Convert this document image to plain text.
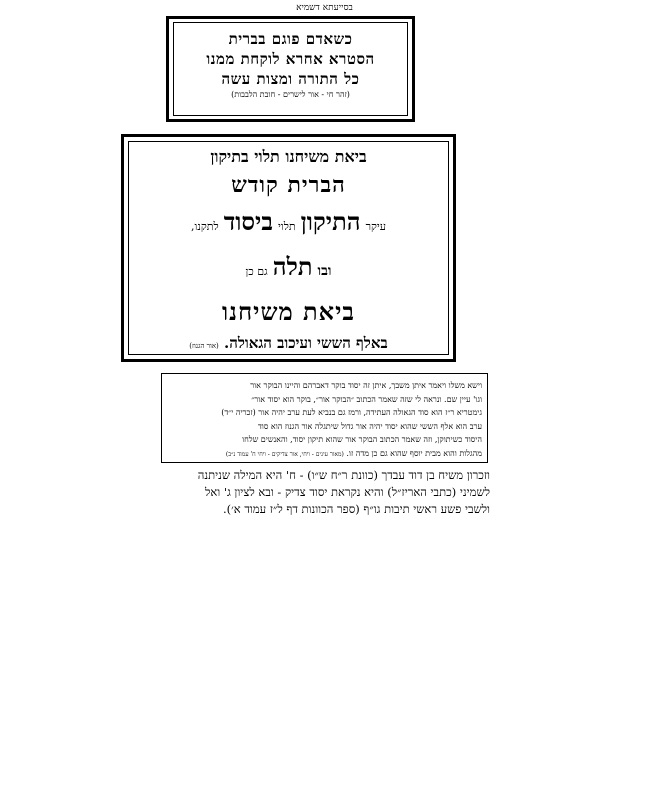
בסייעתא דשמיא
כשאדם פוגם בברית
הסטרא אחרא לוקחת ממנו
כל התורה ומצות עשה
(זהר חי - אור לישרים - חובת הלבבות)
ביאת משיחנו תלוי בתיקון
הברית קודש
עיקר התיקון תלוי ביסוד לתקנו,
ובו תלה גם כן
ביאת משיחנו
באלף הששי ועיכוב הגאולה. (אור הגנוז)
וישא משלו ויאמר איתן משבך, איתן זה יסוד בוקר דאברהם והיינו הבוקר אור
וגו' עיין שם. ונראה לי שזה שאמר הכתוב ״הבוקר אור״, בוקר הוא יסוד אור״
גימטריא ר״ז הוא סוד הגאולה העתידה, ורמז גם בנביא לעת ערב יהיה אור (זכריה י״ד)
ערב הוא אלף הששי שהוא יסוד יהיה אור גדול שיתגלה אור הגנוז הוא סוד
היסוד כשיתוקן, וזה שאמר הכתוב הבוקר אור שהוא תיקון יסוד, והאנשים שלחו
מהגלות והוא מבית יוסף שהוא גם כן מדה זו. (מאור עינים - ויחי, אור צדיקים - ויחי ח' עמוד נ״ב)
וזכרון משיח בן דוד עבדך (כוונת ר״ח ש״ו) - ח' היא המילה שניתנה
לשמיני (כתבי האריז״ל) והיא נקראת יסוד צדיק - ובא לציון ג' ואל
ולשבי פשע ראשי תיבות גו״ף (ספר הכוונות דף ל״ז עמוד א׳).
